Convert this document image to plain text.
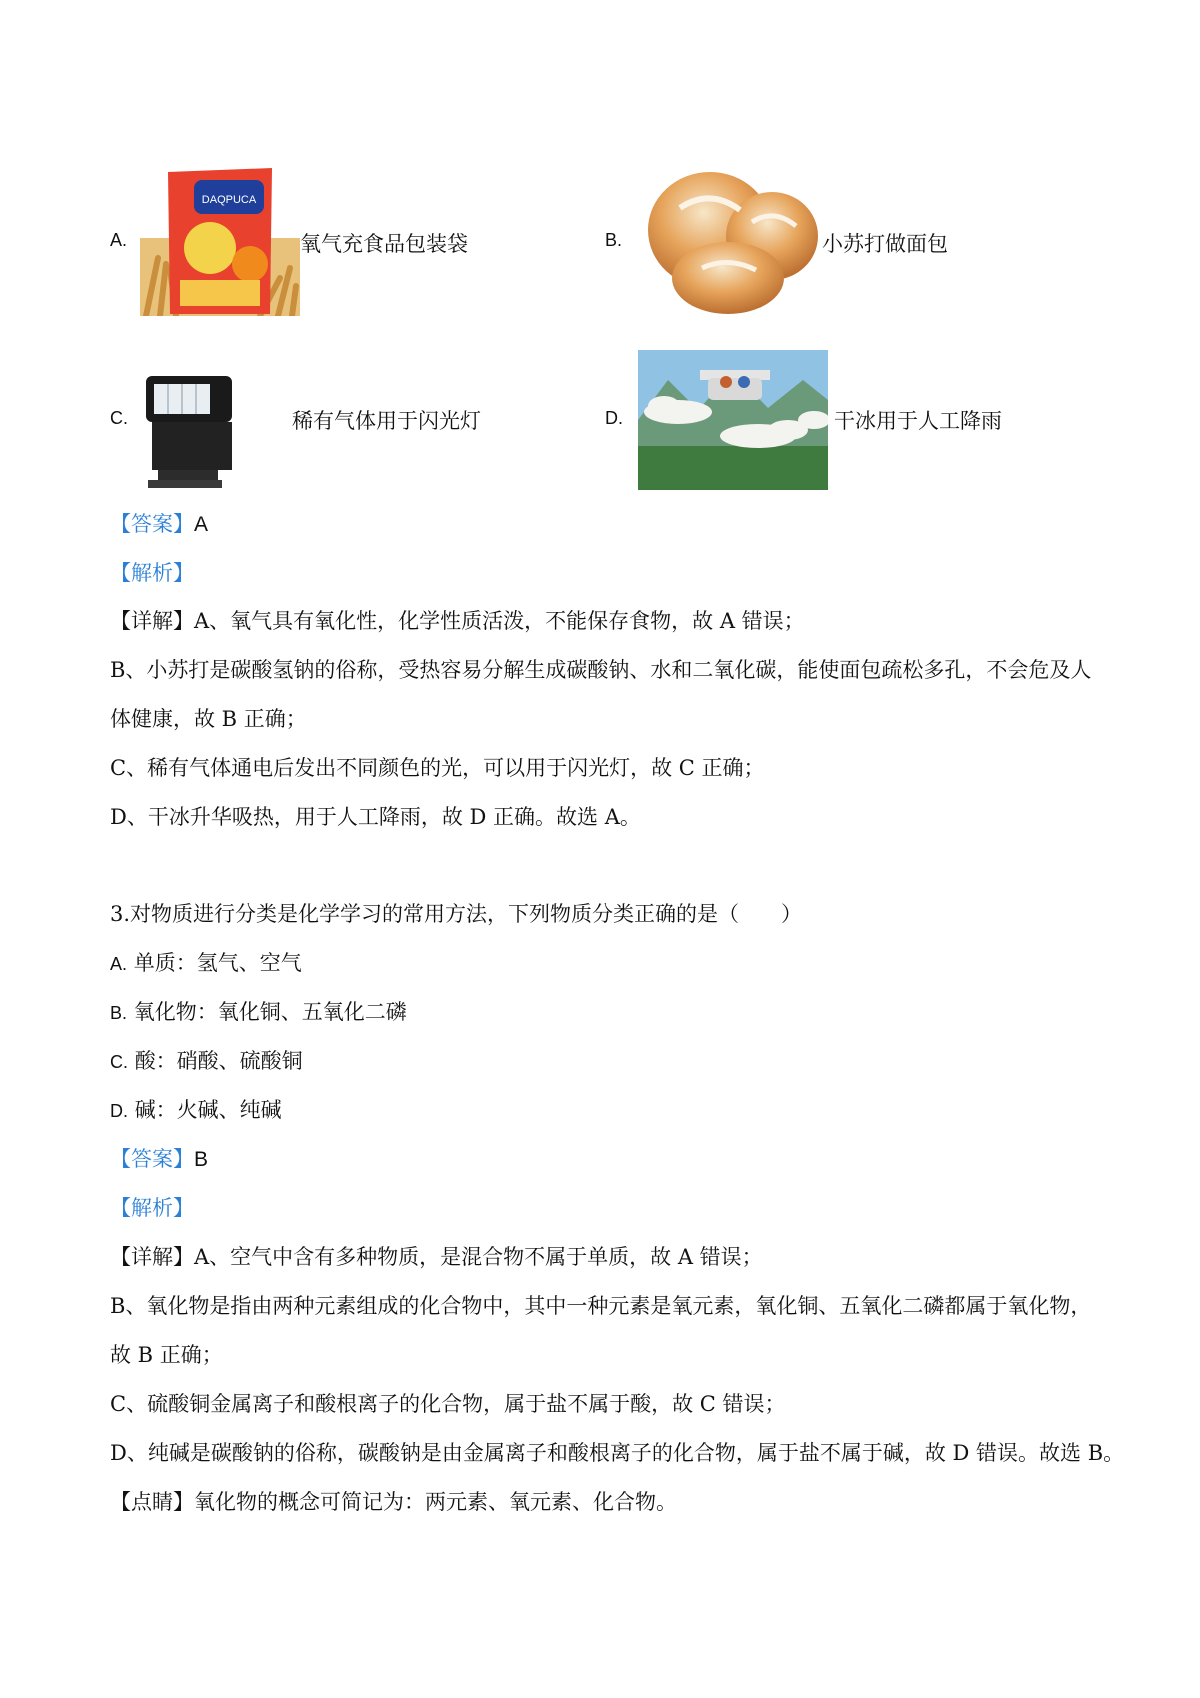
A.
DAQPUCA
氧气充食品包装袋	B.	小苏打做面包
C.	稀有气体用于闪光灯	D.	干冰用于人工降雨
【答案】A
【解析】
【详解】A、氧气具有氧化性，化学性质活泼，不能保存食物，故 A 错误；
B、小苏打是碳酸氢钠的俗称，受热容易分解生成碳酸钠、水和二氧化碳，能使面包疏松多孔，不会危及人
体健康，故 B 正确；
C、稀有气体通电后发出不同颜色的光，可以用于闪光灯，故 C 正确；
D、干冰升华吸热，用于人工降雨，故 D 正确。故选 A。
3.对物质进行分类是化学学习的常用方法，下列物质分类正确的是（　　）
A. 单质：氢气、空气
B. 氧化物：氧化铜、五氧化二磷
C. 酸：硝酸、硫酸铜
D. 碱：火碱、纯碱
【答案】B
【解析】
【详解】A、空气中含有多种物质，是混合物不属于单质，故 A 错误；
B、氧化物是指由两种元素组成的化合物中，其中一种元素是氧元素，氧化铜、五氧化二磷都属于氧化物，
故 B 正确；
C、硫酸铜金属离子和酸根离子的化合物，属于盐不属于酸，故 C 错误；
D、纯碱是碳酸钠的俗称，碳酸钠是由金属离子和酸根离子的化合物，属于盐不属于碱，故 D 错误。故选 B。
【点睛】氧化物的概念可简记为：两元素、氧元素、化合物。
